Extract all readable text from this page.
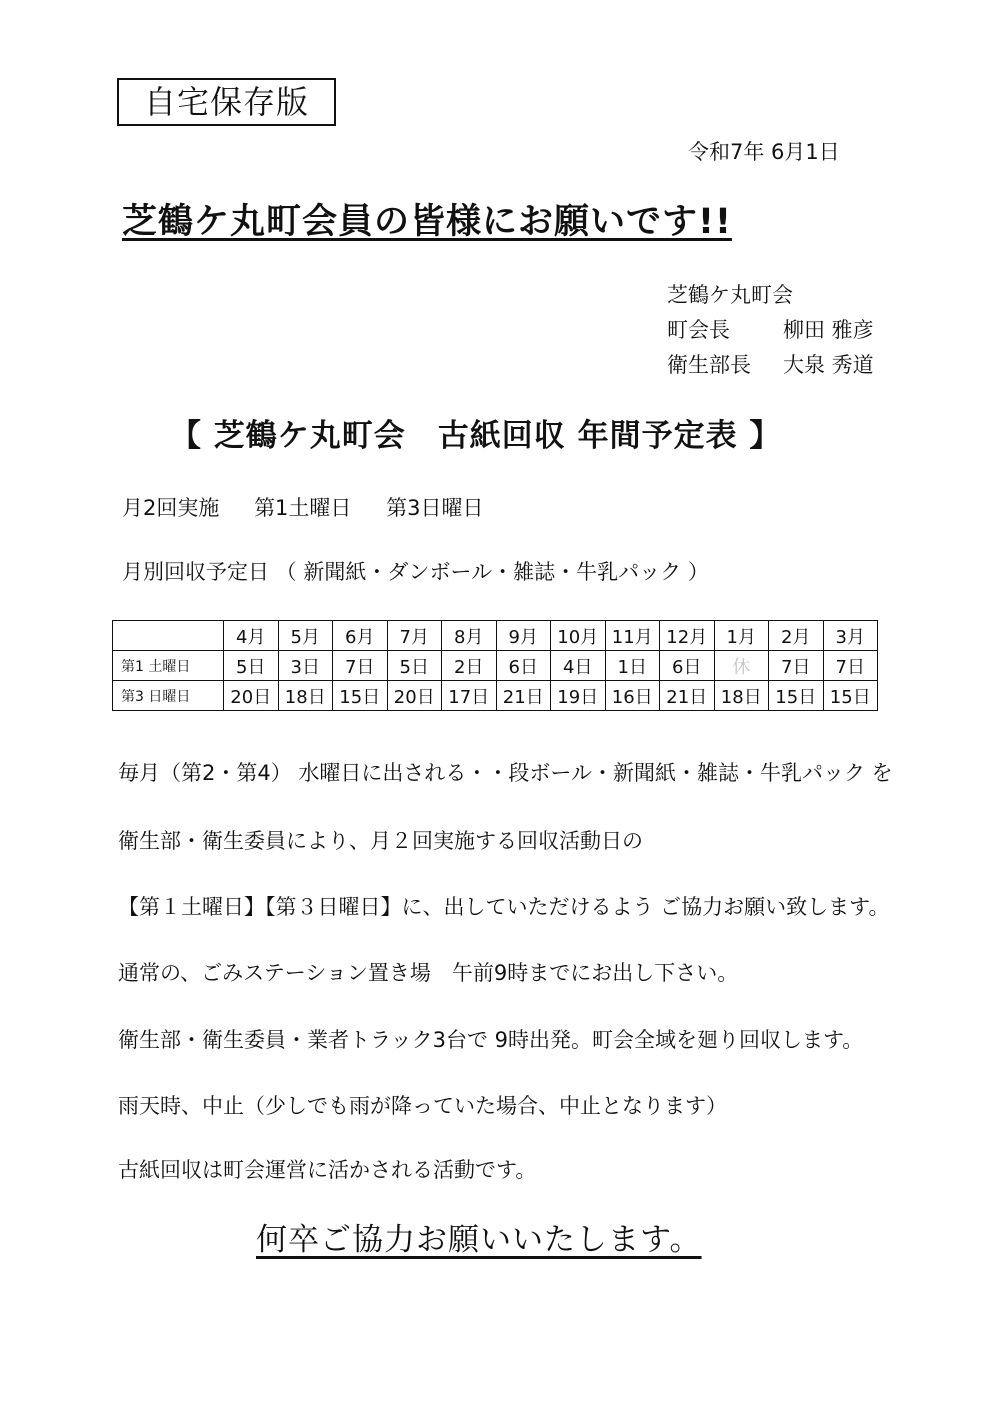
自宅保存版
令和7年 6月1日
芝鶴ケ丸町会員の皆様にお願いです!!
芝鶴ケ丸町会
町会長	柳田 雅彦
衛生部長 大泉 秀道
【 芝鶴ケ丸町会　古紙回収 年間予定表 】
月2回実施 第1土曜日 第3日曜日
月別回収予定日 （ 新聞紙・ダンボール・雑誌・牛乳パック ）
	4月	5月	6月	7月	8月	9月	10月	11月	12月	1月	2月	3月
第1 土曜日	5日	3日	7日	5日	2日	6日	4日	1日	6日	休	7日	7日
第3 日曜日	20日	18日	15日	20日	17日	21日	19日	16日	21日	18日	15日	15日
毎月（第2・第4） 水曜日に出される・・段ボール・新聞紙・雑誌・牛乳パック を
衛生部・衛生委員により、月２回実施する回収活動日の
【第１土曜日】【第３日曜日】に、出していただけるよう ご協力お願い致します。
通常の、ごみステーション置き場　午前9時までにお出し下さい。
衛生部・衛生委員・業者トラック3台で 9時出発。町会全域を廻り回収します。
雨天時、中止（少しでも雨が降っていた場合、中止となります）
古紙回収は町会運営に活かされる活動です。
何卒ご協力お願いいたします。
